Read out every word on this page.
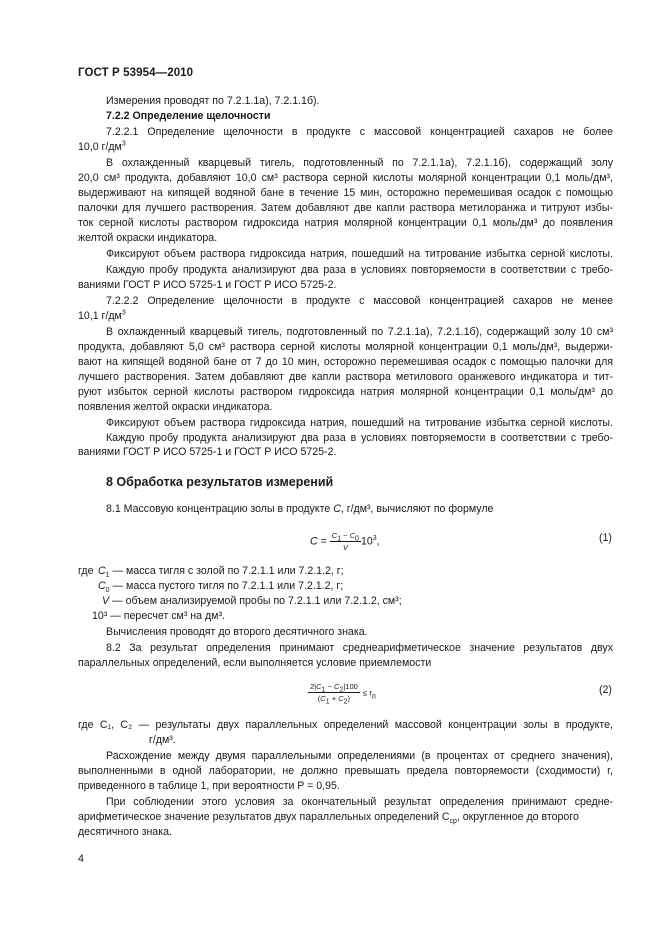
ГОСТ Р 53954—2010
Измерения проводят по 7.2.1.1а), 7.2.1.1б).
7.2.2 Определение щелочности
7.2.2.1 Определение щелочности в продукте с массовой концентрацией сахаров не более
10,0 $г/дм^3$
В охлажденный кварцевый тигель, подготовленный по 7.2.1.1а), 7.2.1.1б), содержащий золу
20,0 см³ продукта, добавляют 10,0 см³ раствора серной кислоты молярной концентрации 0,1 моль/дм³,
выдерживают на кипящей водяной бане в течение 15 мин, осторожно перемешивая осадок с помощью
палочки для лучшего растворения. Затем добавляют две капли раствора метилоранжа и титруют избы-
ток серной кислоты раствором гидроксида натрия молярной концентрации 0,1 моль/дм³ до появления
желтой окраски индикатора.
Фиксируют объем раствора гидроксида натрия, пошедший на титрование избытка серной кислоты.
Каждую пробу продукта анализируют два раза в условиях повторяемости в соответствии с требо-
ваниями ГОСТ Р ИСО 5725-1 и ГОСТ Р ИСО 5725-2.
7.2.2.2 Определение щелочности в продукте с массовой концентрацией сахаров не менее
10,1 $г/дм^3$
В охлажденный кварцевый тигель, подготовленный по 7.2.1.1а), 7.2.1.1б), содержащий золу 10 см³
продукта, добавляют 5,0 см³ раствора серной кислоты молярной концентрации 0,1 моль/дм³, выдержи-
вают на кипящей водяной бане от 7 до 10 мин, осторожно перемешивая осадок с помощью палочки для
лучшего растворения. Затем добавляют две капли раствора метилового оранжевого индикатора и тит-
руют избыток серной кислоты раствором гидроксида натрия молярной концентрации 0,1 моль/дм³ до
появления желтой окраски индикатора.
Фиксируют объем раствора гидроксида натрия, пошедший на титрование избытка серной кислоты.
Каждую пробу продукта анализируют два раза в условиях повторяемости в соответствии с требо-
ваниями ГОСТ Р ИСО 5725-1 и ГОСТ Р ИСО 5725-2.
8 Обработка результатов измерений
8.1 Массовую концентрацию золы в продукте C, г/дм³, вычисляют по формуле
$C = \frac{C1 - C0}{V} 10^3$,	(1)
где $C_1$ — масса тигля с золой по 7.2.1.1 или 7.2.1.2, г;
$C_0$ — масса пустого тигля по 7.2.1.1 или 7.2.1.2, г;
V — объем анализируемой пробы по 7.2.1.1 или 7.2.1.2, см³;
10³ — пересчет см³ на дм³.
Вычисления проводят до второго десятичного знака.
8.2 За результат определения принимают среднеарифметическое значение результатов двух
параллельных определений, если выполняется условие приемлемости
$\frac{2|C1 - C2|100}{(C1 + C2)} \le r_п$
(2)
где C₁, C₂ — результаты двух параллельных определений массовой концентрации золы в продукте,
г/дм³.
Расхождение между двумя параллельными определениями (в процентах от среднего значения),
выполненными в одной лаборатории, не должно превышать предела повторяемости (сходимости) r,
приведенного в таблице 1, при вероятности P = 0,95.
При соблюдении этого условия за окончательный результат определения принимают средне-
арифметическое значение результатов двух параллельных определений $C_{ср}$, округленное до второго
десятичного знака.
4
